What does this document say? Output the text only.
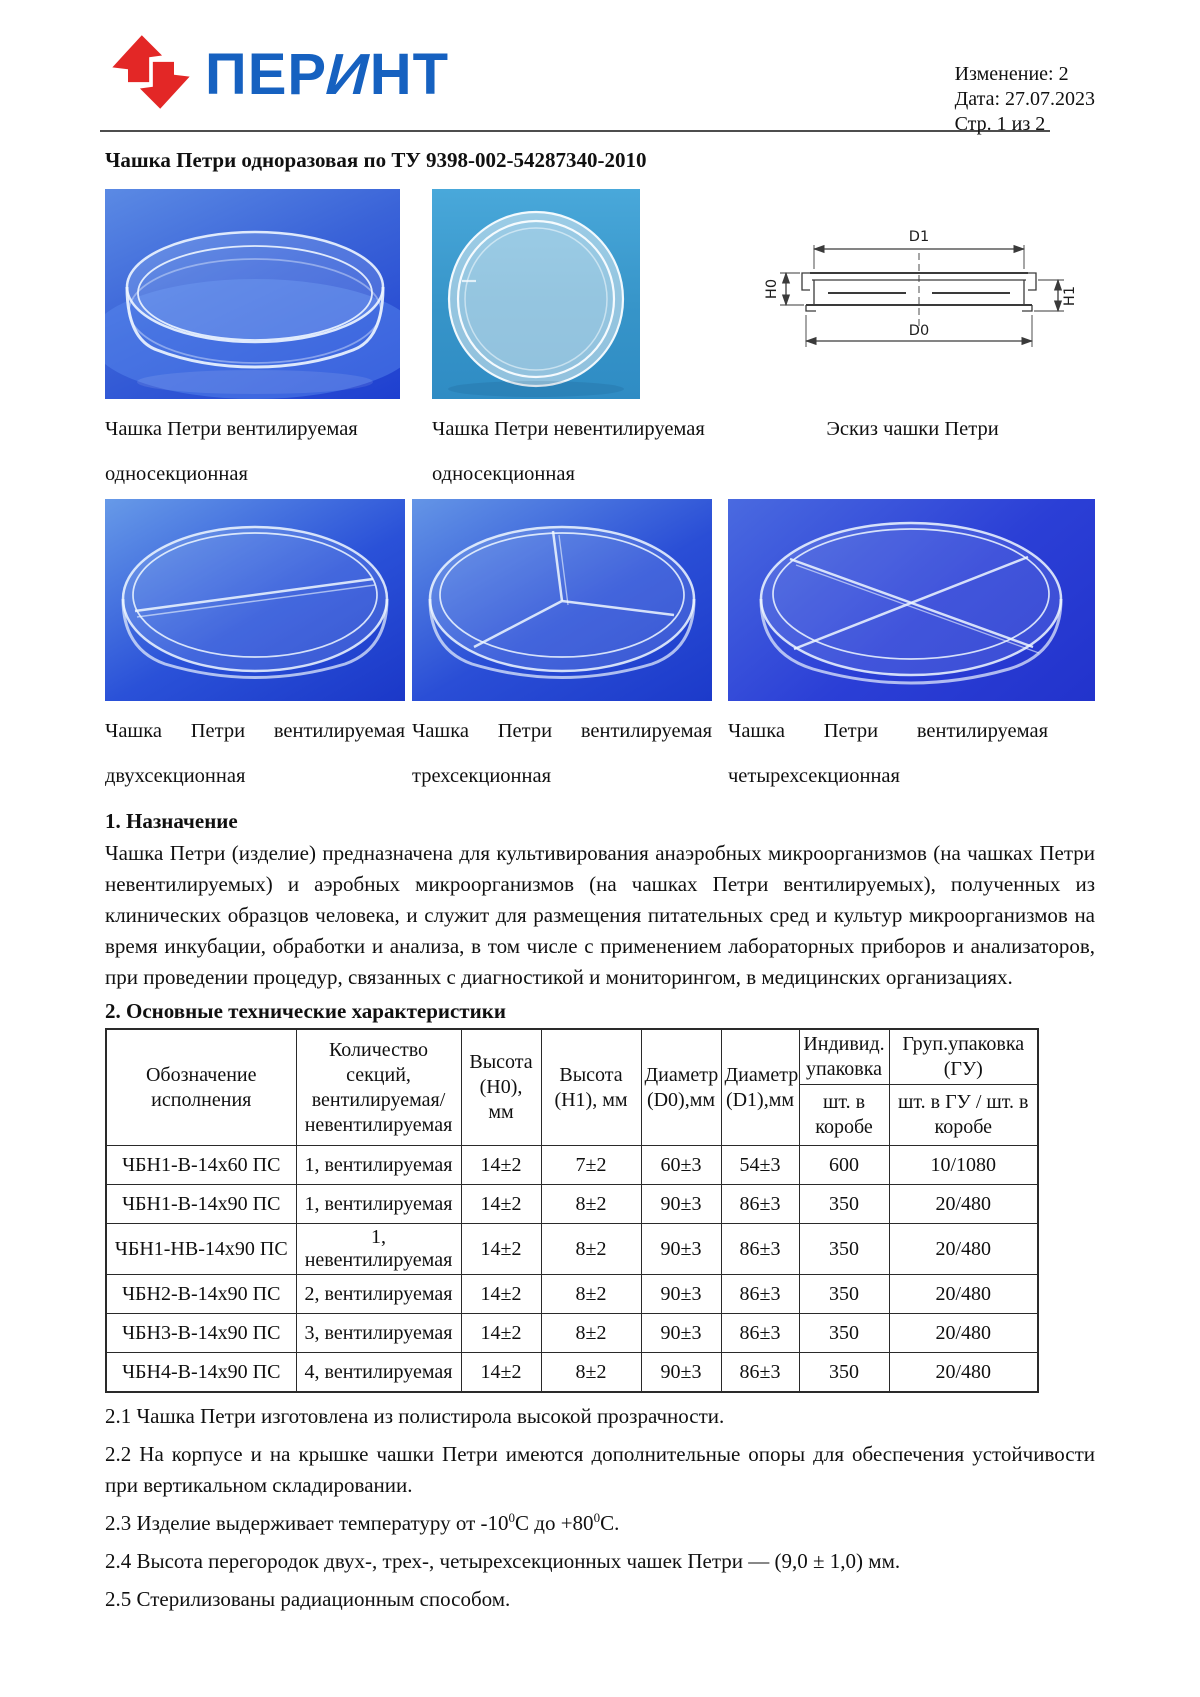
ПЕРИНТ	Изменение: 2
Дата: 27.07.2023
Стр. 1 из 2
Чашка Петри одноразовая по ТУ 9398-002-54287340-2010
Чашка Петри вентилируемая
односекционная
Чашка Петри невентилируемая
односекционная
D1
D0
H0	H1
Эскиз чашки Петри
Чашка Петри вентилируемая
двухсекционная
Чашка Петри вентилируемая
трехсекционная
Чашка Петри вентилируемая
четырехсекционная
1. Назначение
Чашка Петри (изделие) предназначена для культивирования анаэробных микроорганизмов (на чашках Петри невентилируемых) и аэробных микроорганизмов (на чашках Петри вентилируемых), полученных из клинических образцов человека, и служит для размещения питательных сред и культур микроорганизмов на время инкубации, обработки и анализа, в том числе с применением лабораторных приборов и анализаторов, при проведении процедур, связанных с диагностикой и мониторингом, в медицинских организациях.
2. Основные технические характеристики
Обозначение исполнения	Количество секций, вентилируемая/ невентилируемая	Высота (H0), мм	Высота (H1), мм	Диаметр (D0),мм	Диаметр (D1),мм	Индивид. упаковка	Груп.упаковка (ГУ)
						шт. в коробе	шт. в ГУ / шт. в коробе
ЧБН1-В-14х60 ПС	1, вентилируемая	14±2	7±2	60±3	54±3	600	10/1080
ЧБН1-В-14х90 ПС	1, вентилируемая	14±2	8±2	90±3	86±3	350	20/480
ЧБН1-НВ-14х90 ПС	1, невентилируемая	14±2	8±2	90±3	86±3	350	20/480
ЧБН2-В-14х90 ПС	2, вентилируемая	14±2	8±2	90±3	86±3	350	20/480
ЧБН3-В-14х90 ПС	3, вентилируемая	14±2	8±2	90±3	86±3	350	20/480
ЧБН4-В-14х90 ПС	4, вентилируемая	14±2	8±2	90±3	86±3	350	20/480

2.1 Чашка Петри изготовлена из полистирола высокой прозрачности.

2.2 На корпусе и на крышке чашки Петри имеются дополнительные опоры для обеспечения устойчивости при вертикальном складировании.

2.3 Изделие выдерживает температуру от $-10^0С$ до $+80^0С$.

2.4 Высота перегородок двух-, трех-, четырехсекционных чашек Петри — (9,0 ± 1,0) мм.

2.5 Стерилизованы радиационным способом.
